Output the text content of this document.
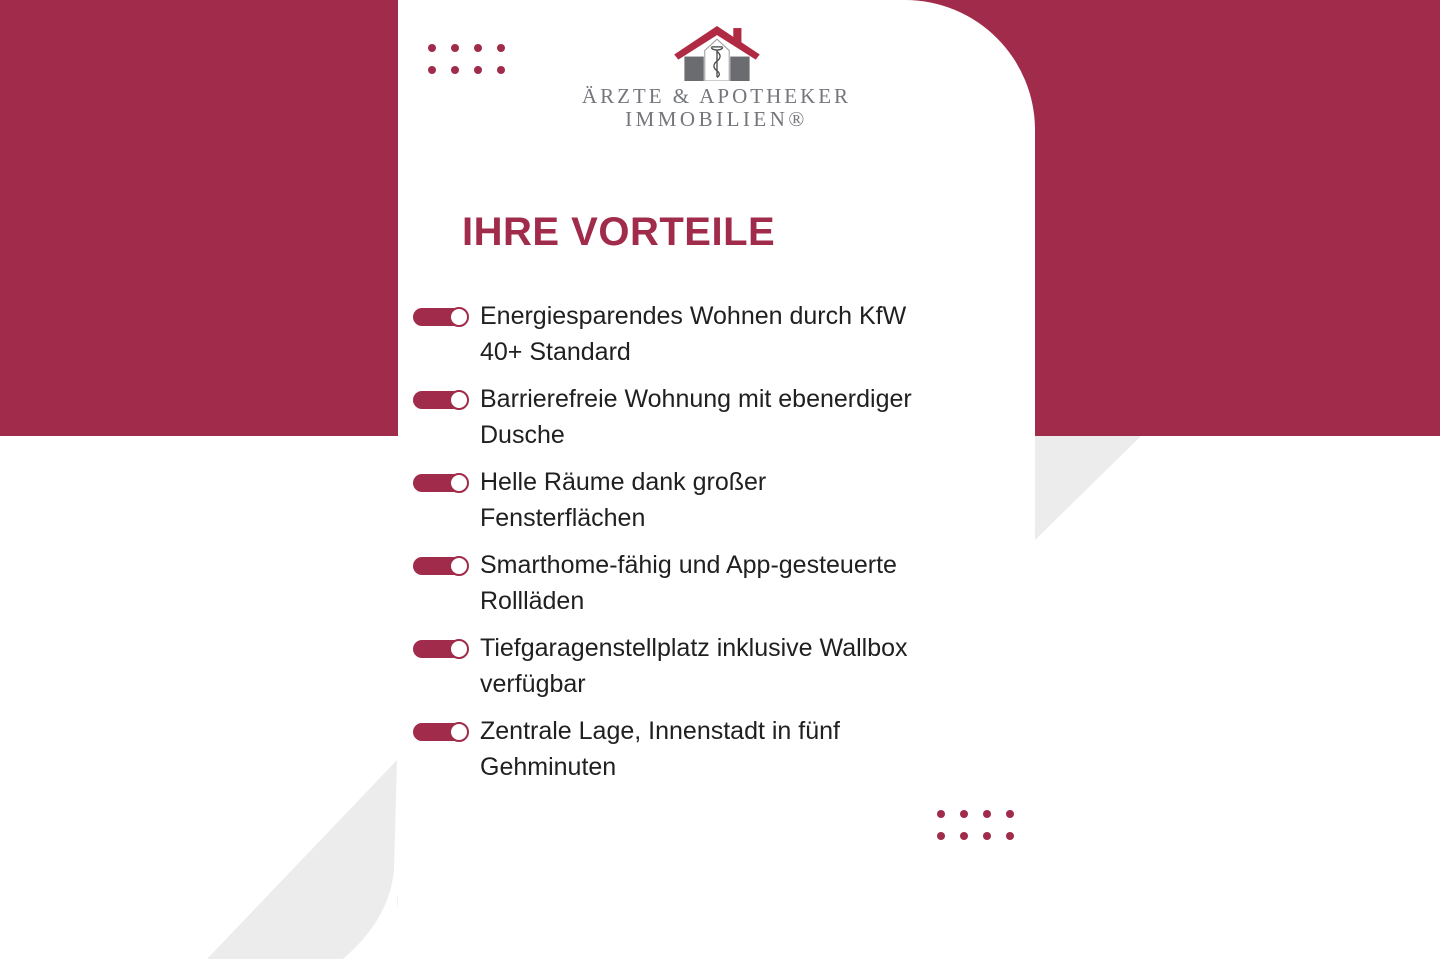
ÄRZTE & APOTHEKER
IMMOBILIEN®
IHRE VORTEILE
Energiesparendes Wohnen durch KfW
40+ Standard
Barrierefreie Wohnung mit ebenerdiger
Dusche
Helle Räume dank großer
Fensterflächen
Smarthome-fähig und App-gesteuerte
Rollläden
Tiefgaragenstellplatz inklusive Wallbox
verfügbar
Zentrale Lage, Innenstadt in fünf
Gehminuten
